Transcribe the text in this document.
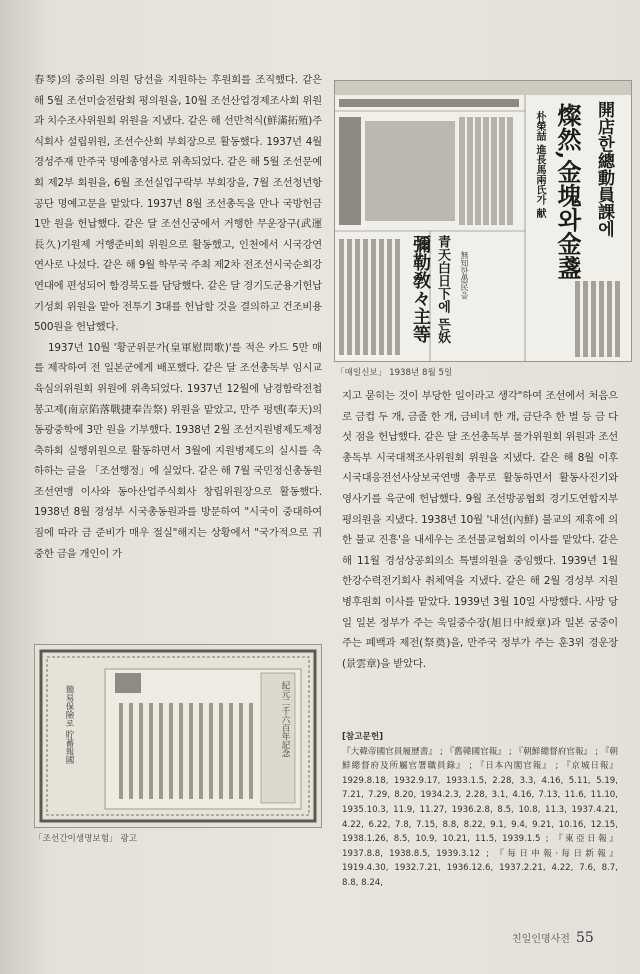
春琴)의 중의원 의원 당선을 지원하는 후원회를 조직했다. 같은 해 5월 조선미술전람회 평의원을, 10월 조선산업경제조사회 위원과 치수조사위원회 위원을 지냈다. 같은 해 선만척식(鮮滿拓殖)주식회사 설립위원, 조선수산회 부회장으로 활동했다. 1937년 4월 경성주재 만주국 명예총영사로 위촉되었다. 같은 해 5월 조선문예회 제2부 회원을, 6월 조선실업구락부 부회장을, 7월 조선청년항공단 명예고문을 맡았다. 1937년 8월 조선총독을 만나 국방헌금 1만 원을 헌납했다. 같은 달 조선신궁에서 거행한 무운장구(武運長久)기원제 거행준비회 위원으로 활동했고, 인천에서 시국강연 연사로 나섰다. 같은 해 9월 학무국 주최 제2차 전조선시국순회강연대에 편성되어 함경북도를 담당했다. 같은 달 경기도군용기헌납기성회 위원을 맡아 전투기 3대를 헌납할 것을 결의하고 건조비용 500원을 헌납했다.

1937년 10월 '황군위문가(皇軍慰問歌)'를 적은 카드 5만 매를 제작하여 전 일본군에게 배포했다. 같은 달 조선총독부 임시교육심의위원회 위원에 위촉되었다. 1937년 12월에 남경함락전첩봉고제(南京陷落戰捷奉告祭) 위원을 맡았고, 만주 펑톈(奉天)의 동광중학에 3만 원을 기부했다. 1938년 2월 조선지원병제도제정축하회 실행위원으로 활동하면서 3월에 지원병제도의 실시를 축하하는 글을 「조선행정」에 실었다. 같은 해 7월 국민정신총동원조선연맹 이사와 동아산업주식회사 창립위원장으로 활동했다. 1938년 8월 경성부 시국총동원과를 방문하여 "시국이 중대하여짐에 따라 금 준비가 매우 절실"해지는 상황에서 "국가적으로 귀중한 금을 개인이 가

開店한總動員課에
燦然,金塊와金盞
朴榮喆 進長馬兩氏가 献
青天白日下에 뜬妖
彌勒敎々主等	無知한愚民을
「매일신보」 1938년 8월 5일

지고 묻히는 것이 부당한 일이라고 생각"하여 조선에서 처음으로 금컵 두 개, 금줄 한 개, 금비녀 한 개, 금단추 한 벌 등 금 다섯 점을 헌납했다. 같은 달 조선총독부 물가위원회 위원과 조선총독부 시국대책조사위원회 위원을 지냈다. 같은 해 8월 이후 시국대응전선사상보국연맹 총무로 활동하면서 활동사진기와 영사기를 육군에 헌납했다. 9월 조선방공협회 경기도연합지부 평의원을 지냈다. 1938년 10월 '내선(內鮮) 불교의 제휴에 의한 불교 진흥'을 내세우는 조선불교협회의 이사를 맡았다. 같은 해 11월 경성상공회의소 특별의원을 중임했다. 1939년 1월 한강수력전기회사 취체역을 지냈다. 같은 해 2월 경성부 지원병후원회 이사를 맡았다. 1939년 3월 10일 사망했다. 사망 당일 일본 정부가 주는 욱일중수장(旭日中綬章)과 일본 궁중이 주는 폐백과 제전(祭奠)을, 만주국 정부가 주는 훈3위 경운장(景雲章)을 받았다.

紀元二千六百年記念
簡易保險로 貯蓄報國
「조선간이생명보험」 광고
[참고문헌]
『大韓帝國官員履歷書』 ; 『舊韓國官報』 ; 『朝鮮總督府官報』 ; 『朝鮮總督府及所屬官署職員錄』 ; 『日本內閣官報』 ; 『京城日報』 1929.8.18, 1932.9.17, 1933.1.5, 2.28, 3.3, 4.16, 5.11, 5.19, 7.21, 7.29, 8.20, 1934.2.3, 2.28, 3.1, 4.16, 7.13, 11.6, 11.10, 1935.10.3, 11.9, 11.27, 1936.2.8, 8.5, 10.8, 11.3, 1937.4.21, 4.22, 6.22, 7.8, 7.15, 8.8, 8.22, 9.1, 9.4, 9.21, 10.16, 12.15, 1938.1.26, 8.5, 10.9, 10.21, 11.5, 1939.1.5 ; 『東亞日報』 1937.8.8, 1938.8.5, 1939.3.12 ; 『每日申報·每日新報』 1919.4.30, 1932.7.21, 1936.12.6, 1937.2.21, 4.22, 7.6, 8.7, 8.8, 8.24,
친일인명사전 55
